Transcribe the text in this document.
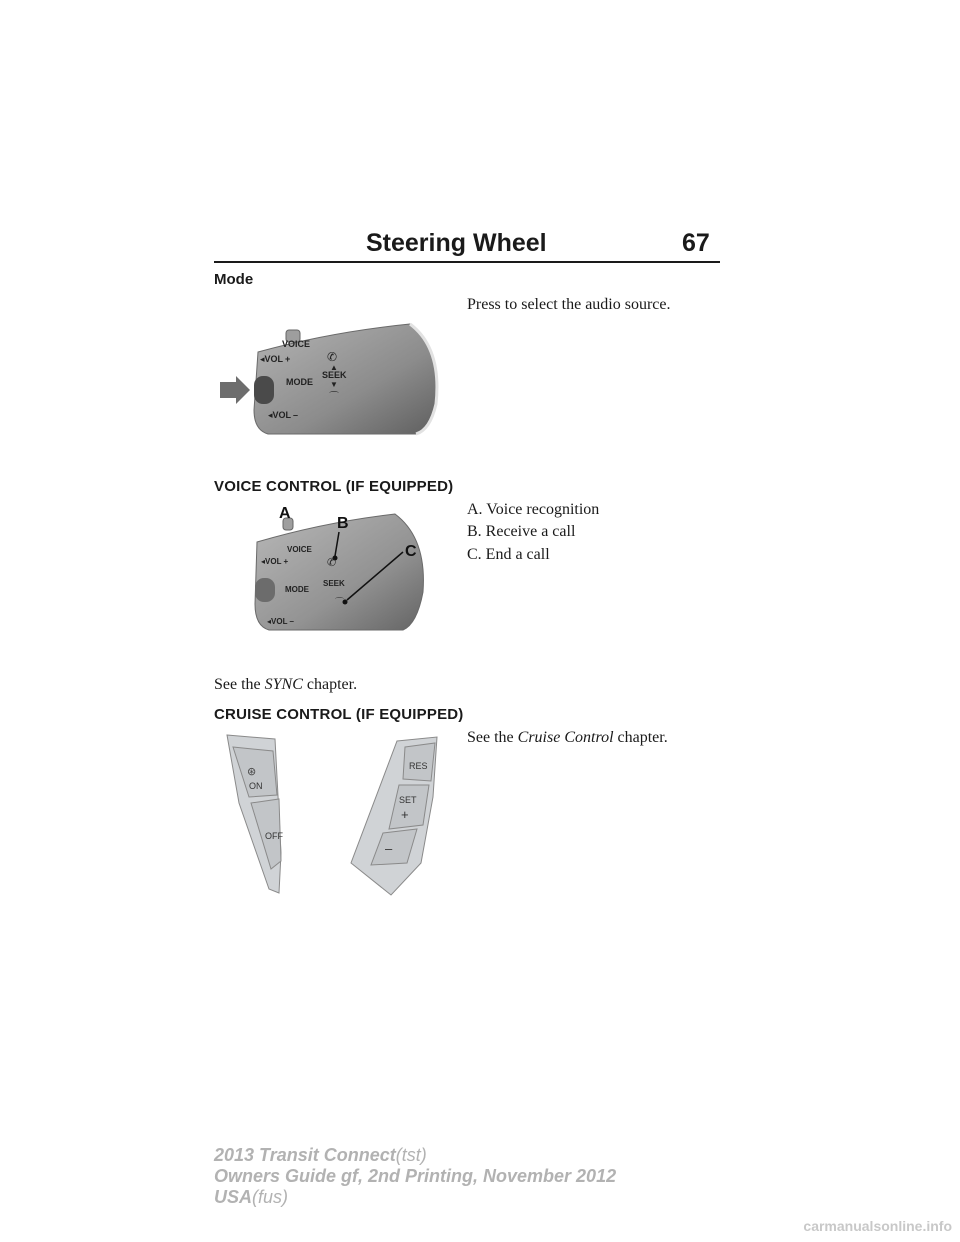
Steering Wheel	67
Mode
Press to select the audio source.
VOICE
◂VOL +
MODE
SEEK
▲
▼
✆
⌒
◂VOL –
VOICE CONTROL (IF EQUIPPED)
A. Voice recognition
B. Receive a call
C. End a call
A
B
C
VOICE
◂VOL +
MODE
SEEK
✆
⌒
◂VOL –
See the SYNC chapter.
CRUISE CONTROL (IF EQUIPPED)
See the Cruise Control chapter.
⊛
ON
OFF
RES
SET
+
–
2013 Transit Connect(tst)
Owners Guide gf, 2nd Printing, November 2012
USA(fus)
carmanualsonline.info
